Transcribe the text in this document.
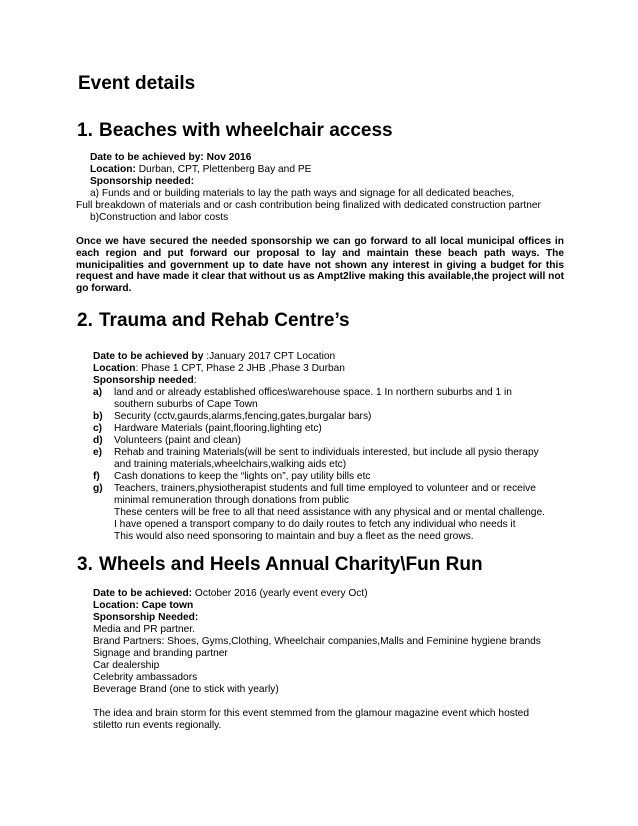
Event details
1. Beaches with wheelchair access
Date to be achieved by: Nov 2016
Location: Durban, CPT, Plettenberg Bay and PE
Sponsorship needed:
a) Funds and or building materials to lay the path ways and signage for all dedicated beaches,
Full breakdown of materials and or cash contribution being finalized with dedicated construction partner
b)Construction and labor costs
Once we have secured the needed sponsorship we can go forward to all local municipal offices in each region and put forward our proposal to lay and maintain these beach path ways. The municipalities and government up to date have not shown any interest in giving a budget for this request and have made it clear that without us as Ampt2live making this available,the project will not go forward.
2. Trauma and Rehab Centre’s
Date to be achieved by :January 2017 CPT Location
Location: Phase 1 CPT, Phase 2 JHB ,Phase 3 Durban
Sponsorship needed:
a)	land and or already established offices\warehouse space. 1 In northern suburbs and 1 in southern suburbs of Cape Town
b)	Security (cctv,gaurds,alarms,fencing,gates,burgalar bars)
c)	Hardware Materials (paint,flooring,lighting etc)
d)	Volunteers (paint and clean)
e)	Rehab and training Materials(will be sent to individuals interested, but include all pysio therapy and training materials,wheelchairs,walking aids etc)
f)	Cash donations to keep the “lights on”, pay utility bills etc
g)	Teachers, trainers,physiotherapist students and full time employed to volunteer and or receive minimal remuneration through donations from public
These centers will be free to all that need assistance with any physical and or mental challenge.
I have opened a transport company to do daily routes to fetch any individual who needs it
This would also need sponsoring to maintain and buy a fleet as the need grows.
3. Wheels and Heels Annual Charity\Fun Run
Date to be achieved: October 2016 (yearly event every Oct)
Location: Cape town
Sponsorship Needed:
Media and PR partner.
Brand Partners: Shoes, Gyms,Clothing, Wheelchair companies,Malls and Feminine hygiene brands
Signage and branding partner
Car dealership
Celebrity ambassadors
Beverage Brand (one to stick with yearly)
The idea and brain storm for this event stemmed from the glamour magazine event which hosted stiletto run events regionally.
